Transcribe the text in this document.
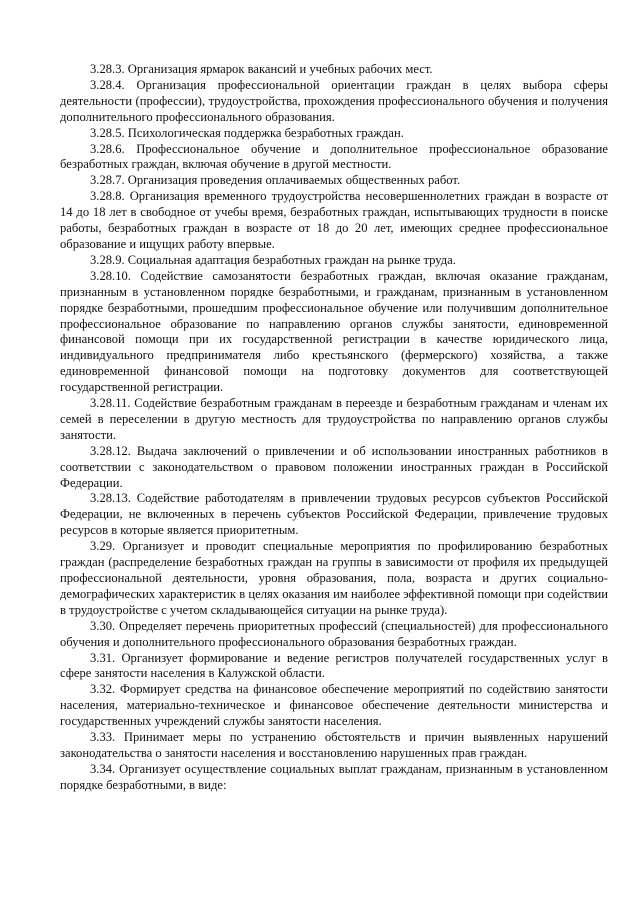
3.28.3. Организация ярмарок вакансий и учебных рабочих мест.

3.28.4. Организация профессиональной ориентации граждан в целях выбора сферы деятельности (профессии), трудоустройства, прохождения профессионального обучения и получения дополнительного профессионального образования.

3.28.5. Психологическая поддержка безработных граждан.

3.28.6. Профессиональное обучение и дополнительное профессиональное образование безработных граждан, включая обучение в другой местности.

3.28.7. Организация проведения оплачиваемых общественных работ.

3.28.8. Организация временного трудоустройства несовершеннолетних граждан в возрасте от 14 до 18 лет в свободное от учебы время, безработных граждан, испытывающих трудности в поиске работы, безработных граждан в возрасте от 18 до 20 лет, имеющих среднее профессиональное образование и ищущих работу впервые.

3.28.9. Социальная адаптация безработных граждан на рынке труда.

3.28.10. Содействие самозанятости безработных граждан, включая оказание гражданам, признанным в установленном порядке безработными, и гражданам, признанным в установленном порядке безработными, прошедшим профессиональное обучение или получившим дополнительное профессиональное образование по направлению органов службы занятости, единовременной финансовой помощи при их государственной регистрации в качестве юридического лица, индивидуального предпринимателя либо крестьянского (фермерского) хозяйства, а также единовременной финансовой помощи на подготовку документов для соответствующей государственной регистрации.

3.28.11. Содействие безработным гражданам в переезде и безработным гражданам и членам их семей в переселении в другую местность для трудоустройства по направлению органов службы занятости.

3.28.12. Выдача заключений о привлечении и об использовании иностранных работников в соответствии с законодательством о правовом положении иностранных граждан в Российской Федерации.

3.28.13. Содействие работодателям в привлечении трудовых ресурсов субъектов Российской Федерации, не включенных в перечень субъектов Российской Федерации, привлечение трудовых ресурсов в которые является приоритетным.

3.29. Организует и проводит специальные мероприятия по профилированию безработных граждан (распределение безработных граждан на группы в зависимости от профиля их предыдущей профессиональной деятельности, уровня образования, пола, возраста и других социально-демографических характеристик в целях оказания им наиболее эффективной помощи при содействии в трудоустройстве с учетом складывающейся ситуации на рынке труда).

3.30. Определяет перечень приоритетных профессий (специальностей) для профессионального обучения и дополнительного профессионального образования безработных граждан.

3.31. Организует формирование и ведение регистров получателей государственных услуг в сфере занятости населения в Калужской области.

3.32. Формирует средства на финансовое обеспечение мероприятий по содействию занятости населения, материально-техническое и финансовое обеспечение деятельности министерства и государственных учреждений службы занятости населения.

3.33. Принимает меры по устранению обстоятельств и причин выявленных нарушений законодательства о занятости населения и восстановлению нарушенных прав граждан.

3.34. Организует осуществление социальных выплат гражданам, признанным в установленном порядке безработными, в виде:
